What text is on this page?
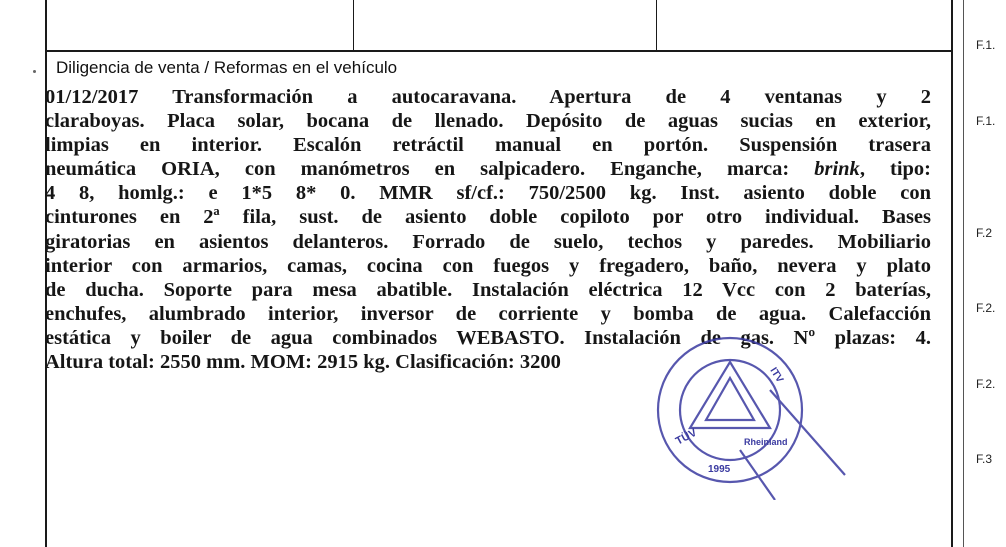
Diligencia de venta / Reformas en el vehículo
01/12/2017 Transformación a autocaravana. Apertura de 4 ventanas y 2
claraboyas. Placa solar, bocana de llenado. Depósito de aguas sucias en exterior,
limpias en interior. Escalón retráctil manual en portón. Suspensión trasera
neumática ORIA, con manómetros en salpicadero. Enganche, marca: brink, tipo:
4 8, homlg.: e 1*5 8* 0. MMR sf/cf.: 750/2500 kg. Inst. asiento doble con
cinturones en 2ª fila, sust. de asiento doble copiloto por otro individual. Bases
giratorias en asientos delanteros. Forrado de suelo, techos y paredes. Mobiliario
interior con armarios, camas, cocina con fuegos y fregadero, baño, nevera y plato
de ducha. Soporte para mesa abatible. Instalación eléctrica 12 Vcc con 2 baterías,
enchufes, alumbrado interior, inversor de corriente y bomba de agua. Calefacción
estática y boiler de agua combinados WEBASTO. Instalación de gas. Nº plazas: 4.
Altura total: 2550 mm. MOM: 2915 kg. Clasificación: 3200
F.1.
F.1.
F.2
F.2.
F.2.
F.3
TÜV	Rheinland
1995
ITV
